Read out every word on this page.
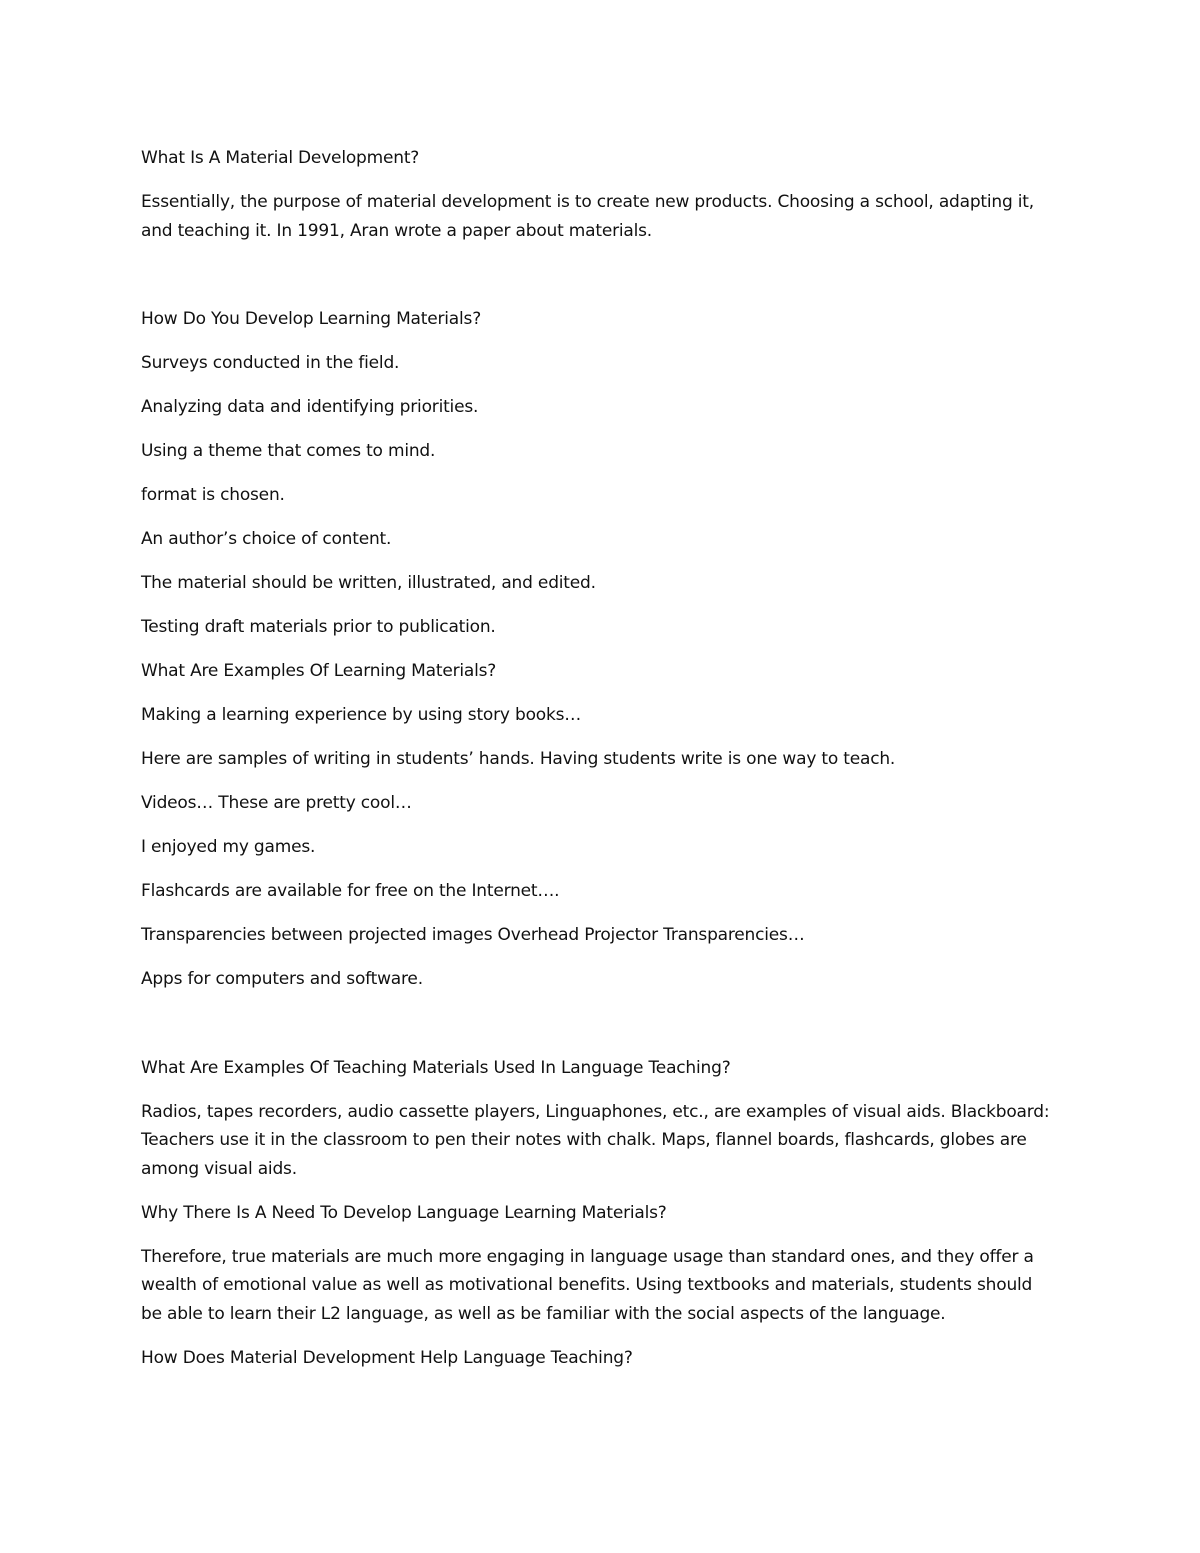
What Is A Material Development?

Essentially, the purpose of material development is to create new products. Choosing a school, adapting it, and teaching it. In 1991, Aran wrote a paper about materials.

How Do You Develop Learning Materials?

Surveys conducted in the field.

Analyzing data and identifying priorities.

Using a theme that comes to mind.

format is chosen.

An author’s choice of content.

The material should be written, illustrated, and edited.

Testing draft materials prior to publication.

What Are Examples Of Learning Materials?

Making a learning experience by using story books…

Here are samples of writing in students’ hands. Having students write is one way to teach.

Videos… These are pretty cool…

I enjoyed my games.

Flashcards are available for free on the Internet….

Transparencies between projected images Overhead Projector Transparencies…

Apps for computers and software.

What Are Examples Of Teaching Materials Used In Language Teaching?

Radios, tapes recorders, audio cassette players, Linguaphones, etc., are examples of visual aids. Blackboard: Teachers use it in the classroom to pen their notes with chalk. Maps, flannel boards, flashcards, globes are among visual aids.

Why There Is A Need To Develop Language Learning Materials?

Therefore, true materials are much more engaging in language usage than standard ones, and they offer a wealth of emotional value as well as motivational benefits. Using textbooks and materials, students should be able to learn their L2 language, as well as be familiar with the social aspects of the language.

How Does Material Development Help Language Teaching?
